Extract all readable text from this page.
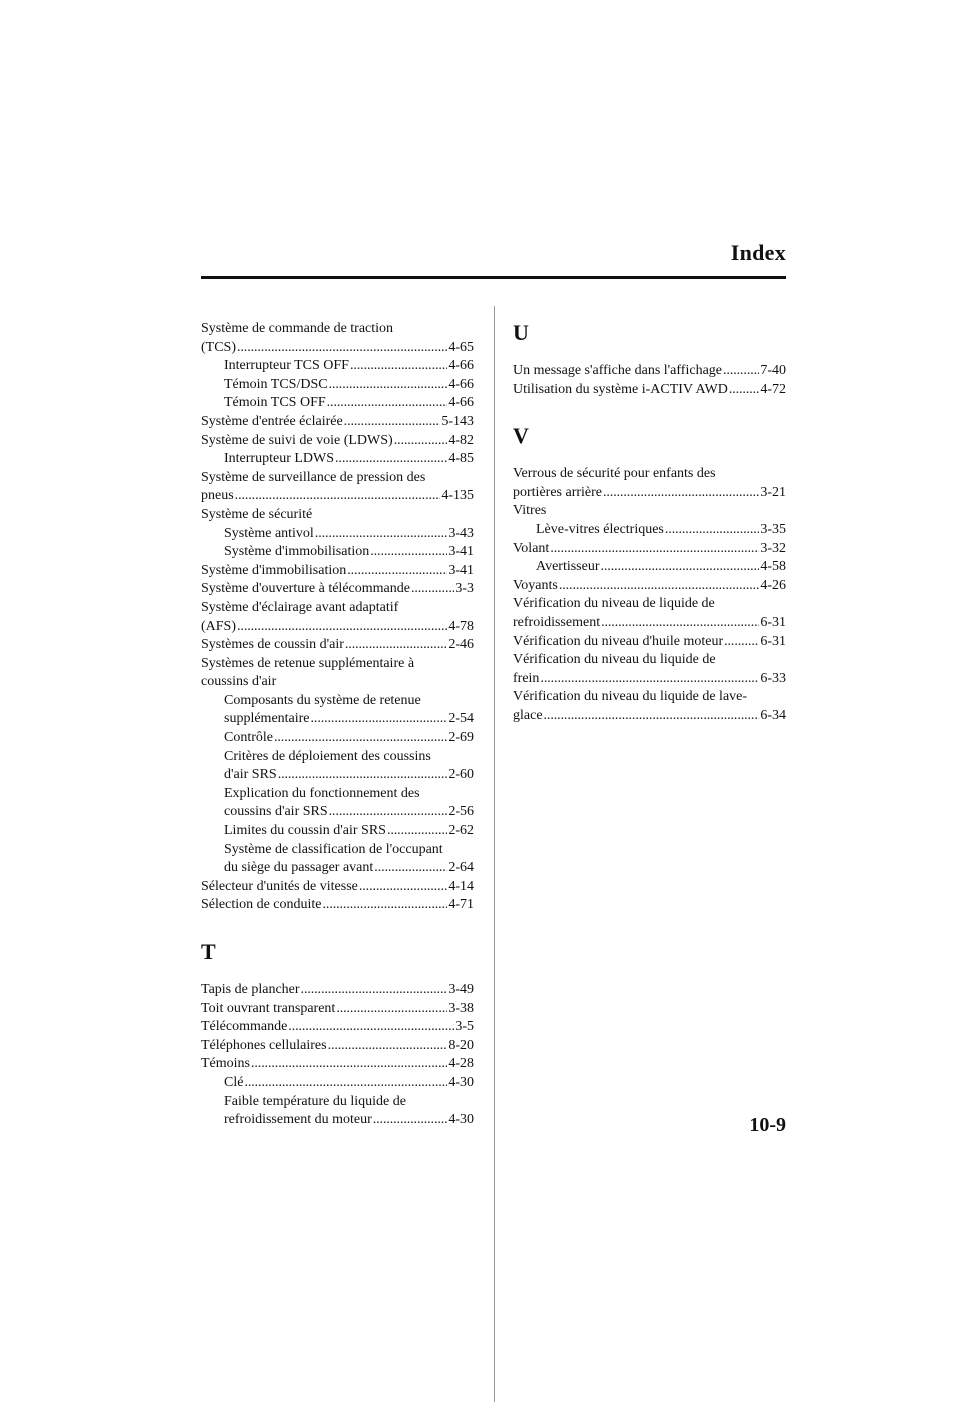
Index
Système de commande de traction
(TCS) . . .	4-65
Interrupteur TCS OFF . . .	4-66
Témoin TCS/DSC . . .	4-66
Témoin TCS OFF . . .	4-66
Système d'entrée éclairée . . .	5-143
Système de suivi de voie (LDWS) . . .	4-82
Interrupteur LDWS . . .	4-85
Système de surveillance de pression des
pneus . . .	4-135
Système de sécurité
Système antivol . . .	3-43
Système d'immobilisation . . .	3-41
Système d'immobilisation . . .	3-41
Système d'ouverture à télécommande . . .	3-3
Système d'éclairage avant adaptatif
(AFS) . . .	4-78
Systèmes de coussin d'air . . .	2-46
Systèmes de retenue supplémentaire à
coussins d'air
Composants du système de retenue
supplémentaire . . .	2-54
Contrôle . . .	2-69
Critères de déploiement des coussins
d'air SRS . . .	2-60
Explication du fonctionnement des
coussins d'air SRS . . .	2-56
Limites du coussin d'air SRS . . .	2-62
Système de classification de l'occupant
du siège du passager avant . . .	2-64
Sélecteur d'unités de vitesse . . .	4-14
Sélection de conduite . . .	4-71
T
Tapis de plancher . . .	3-49
Toit ouvrant transparent . . .	3-38
Télécommande . . .	3-5
Téléphones cellulaires . . .	8-20
Témoins . . .	4-28
Clé . . .	4-30
Faible température du liquide de
refroidissement du moteur . . .	4-30
U
Un message s'affiche dans l'affichage . . .	7-40
Utilisation du système i-ACTIV AWD . . . 4-72
V
Verrous de sécurité pour enfants des
portières arrière . . .	3-21
Vitres
Lève-vitres électriques . . .	3-35
Volant . . .	3-32
Avertisseur . . .	4-58
Voyants . . .	4-26
Vérification du niveau de liquide de
refroidissement . . .	6-31
Vérification du niveau d'huile moteur . . .	6-31
Vérification du niveau du liquide de
frein . . .	6-33
Vérification du niveau du liquide de lave-
glace . . .	6-34
10-9
